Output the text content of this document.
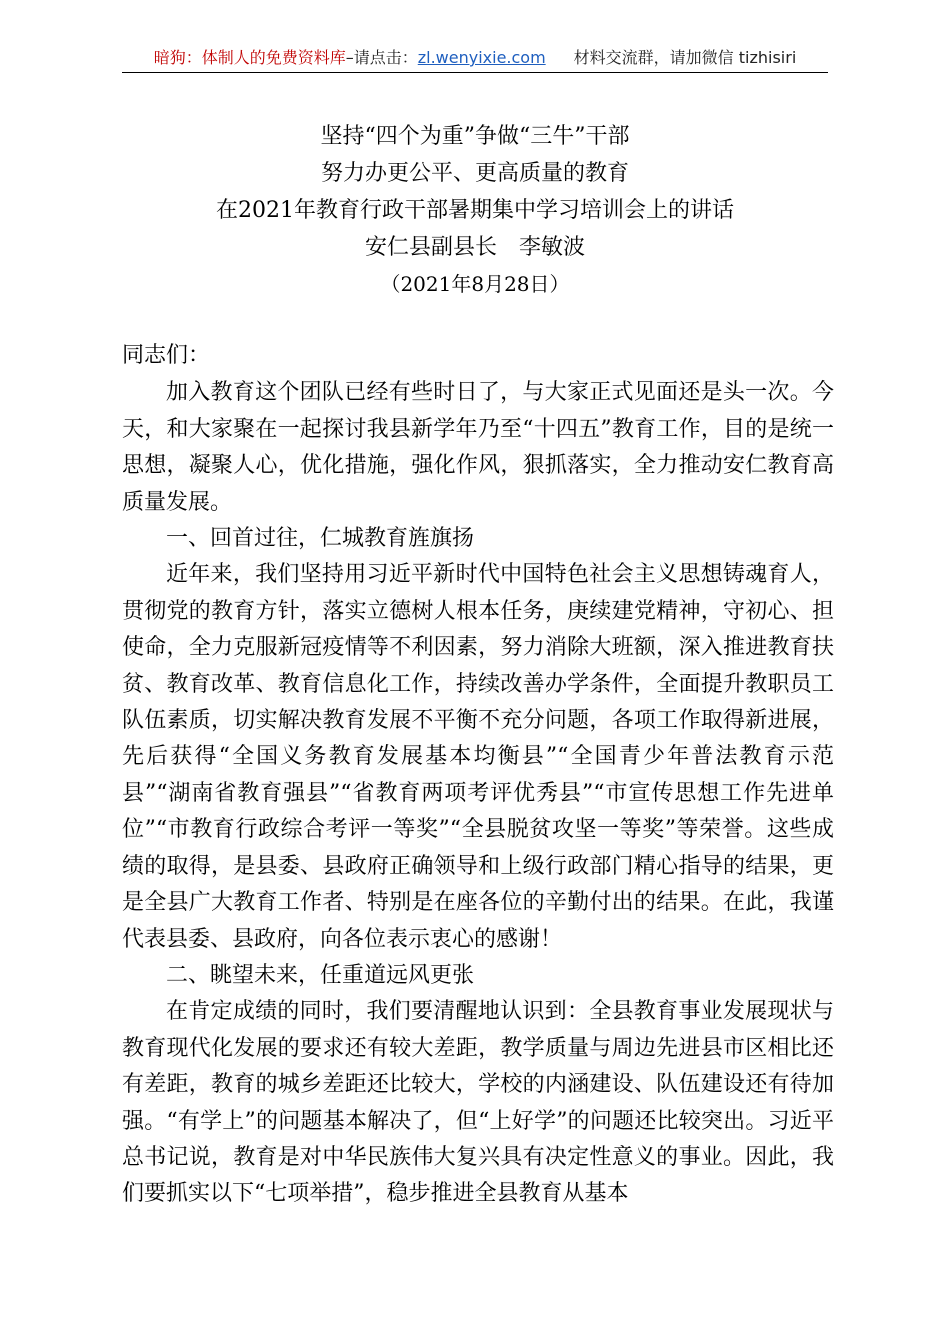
暗狗：体制人的免费资料库–请点击：zl.wenyixie.com 材料交流群，请加微信 tizhisiri
坚持“四个为重”争做“三牛”干部
努力办更公平、更高质量的教育
在2021年教育行政干部暑期集中学习培训会上的讲话
安仁县副县长　李敏波
（2021年8月28日）

同志们：

加入教育这个团队已经有些时日了，与大家正式见面还是头一次。今天，和大家聚在一起探讨我县新学年乃至“十四五”教育工作，目的是统一思想，凝聚人心，优化措施，强化作风，狠抓落实，全力推动安仁教育高质量发展。

一、回首过往，仁城教育旌旗扬

近年来，我们坚持用习近平新时代中国特色社会主义思想铸魂育人，贯彻党的教育方针，落实立德树人根本任务，庚续建党精神，守初心、担使命，全力克服新冠疫情等不利因素，努力消除大班额，深入推进教育扶贫、教育改革、教育信息化工作，持续改善办学条件，全面提升教职员工队伍素质，切实解决教育发展不平衡不充分问题，各项工作取得新进展，先后获得“全国义务教育发展基本均衡县”“全国青少年普法教育示范县”“湖南省教育强县”“省教育两项考评优秀县”“市宣传思想工作先进单位”“市教育行政综合考评一等奖”“全县脱贫攻坚一等奖”等荣誉。这些成绩的取得，是县委、县政府正确领导和上级行政部门精心指导的结果，更是全县广大教育工作者、特别是在座各位的辛勤付出的结果。在此，我谨代表县委、县政府，向各位表示衷心的感谢！

二、眺望未来，任重道远风更张

在肯定成绩的同时，我们要清醒地认识到：全县教育事业发展现状与教育现代化发展的要求还有较大差距，教学质量与周边先进县市区相比还有差距，教育的城乡差距还比较大，学校的内涵建设、队伍建设还有待加强。“有学上”的问题基本解决了，但“上好学”的问题还比较突出。习近平总书记说，教育是对中华民族伟大复兴具有决定性意义的事业。因此，我们要抓实以下“七项举措”，稳步推进全县教育从基本
